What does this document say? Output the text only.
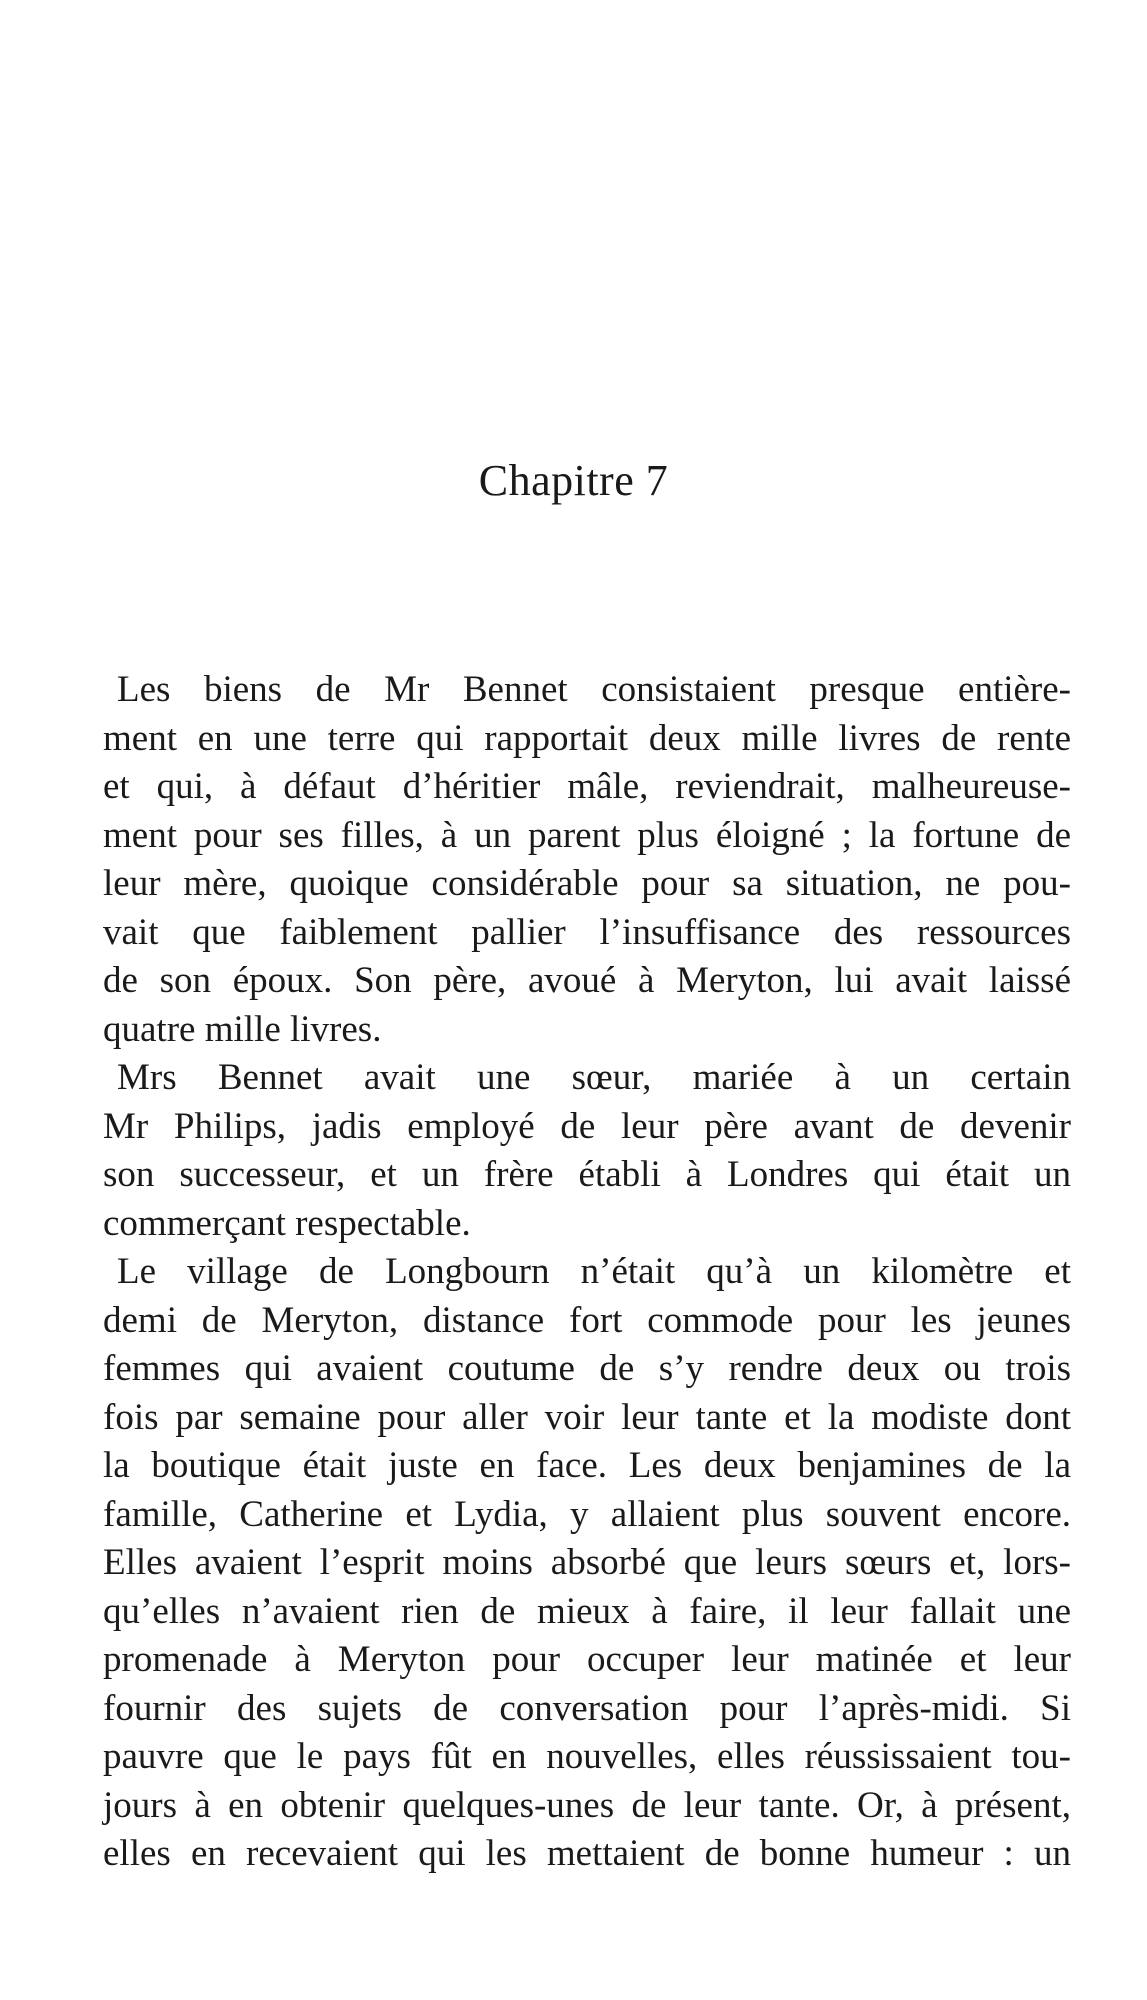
Chapitre 7
Les biens de Mr Bennet consistaient presque entière-
ment en une terre qui rapportait deux mille livres de rente
et qui, à défaut d’héritier mâle, reviendrait, malheureuse-
ment pour ses filles, à un parent plus éloigné ; la fortune de
leur mère, quoique considérable pour sa situation, ne pou-
vait que faiblement pallier l’insuffisance des ressources
de son époux. Son père, avoué à Meryton, lui avait laissé
quatre mille livres.
Mrs Bennet avait une sœur, mariée à un certain
Mr Philips, jadis employé de leur père avant de devenir
son successeur, et un frère établi à Londres qui était un
commerçant respectable.
Le village de Longbourn n’était qu’à un kilomètre et
demi de Meryton, distance fort commode pour les jeunes
femmes qui avaient coutume de s’y rendre deux ou trois
fois par semaine pour aller voir leur tante et la modiste dont
la boutique était juste en face. Les deux benjamines de la
famille, Catherine et Lydia, y allaient plus souvent encore.
Elles avaient l’esprit moins absorbé que leurs sœurs et, lors-
qu’elles n’avaient rien de mieux à faire, il leur fallait une
promenade à Meryton pour occuper leur matinée et leur
fournir des sujets de conversation pour l’après-midi. Si
pauvre que le pays fût en nouvelles, elles réussissaient tou-
jours à en obtenir quelques-unes de leur tante. Or, à présent,
elles en recevaient qui les mettaient de bonne humeur : un
